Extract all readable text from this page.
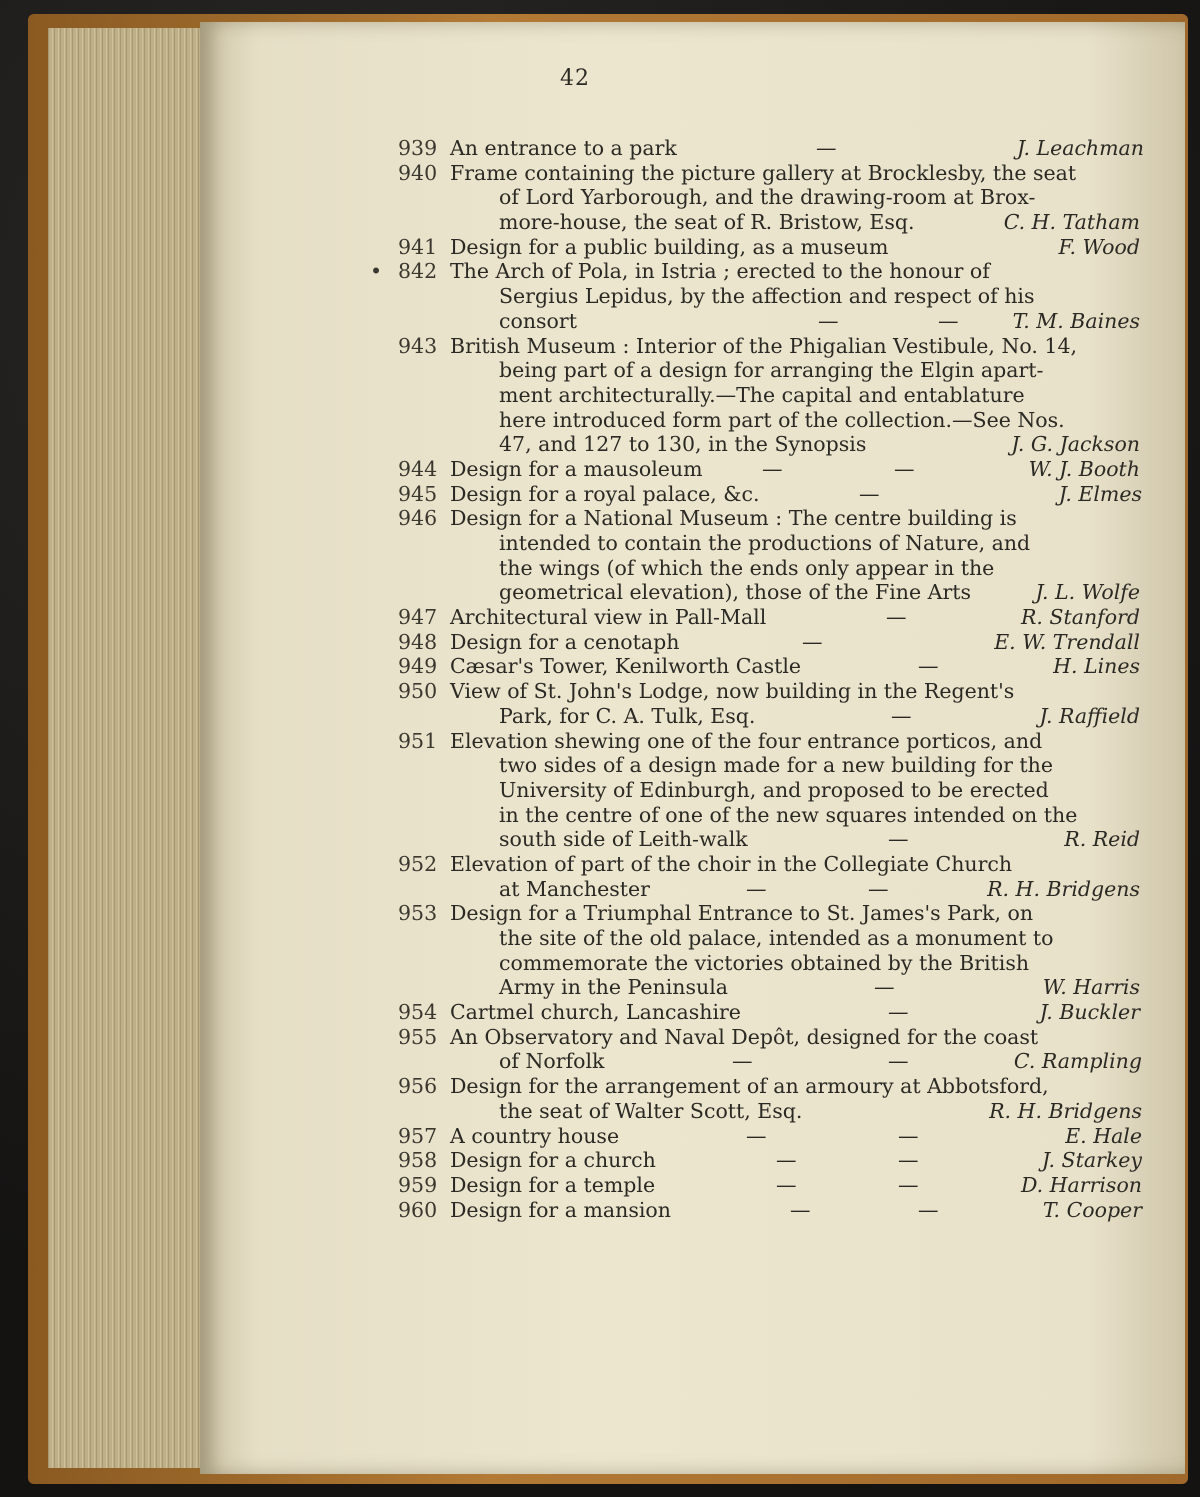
42
939 An entrance to a park	—	J. Leachman
940 Frame containing the picture gallery at Brocklesby, the seat
of Lord Yarborough, and the drawing-room at Brox-
more-house, the seat of R. Bristow, Esq.	C. H. Tatham
941 Design for a public building, as a museum	F. Wood
• 842 The Arch of Pola, in Istria ; erected to the honour of
Sergius Lepidus, by the affection and respect of his
consort	—	—	T. M. Baines
943 British Museum : Interior of the Phigalian Vestibule, No. 14,
being part of a design for arranging the Elgin apart-
ment architecturally.—The capital and entablature
here introduced form part of the collection.—See Nos.
47, and 127 to 130, in the Synopsis	J. G. Jackson
944 Design for a mausoleum	—	—	W. J. Booth
945 Design for a royal palace, &c.	—	J. Elmes
946 Design for a National Museum : The centre building is
intended to contain the productions of Nature, and
the wings (of which the ends only appear in the
geometrical elevation), those of the Fine Arts	J. L. Wolfe
947 Architectural view in Pall-Mall	—	R. Stanford
948 Design for a cenotaph	—	E. W. Trendall
949 Cæsar's Tower, Kenilworth Castle	—	H. Lines
950 View of St. John's Lodge, now building in the Regent's
Park, for C. A. Tulk, Esq.	—	J. Raffield
951 Elevation shewing one of the four entrance porticos, and
two sides of a design made for a new building for the
University of Edinburgh, and proposed to be erected
in the centre of one of the new squares intended on the
south side of Leith-walk	—	R. Reid
952 Elevation of part of the choir in the Collegiate Church
at Manchester	—	—	R. H. Bridgens
953 Design for a Triumphal Entrance to St. James's Park, on
the site of the old palace, intended as a monument to
commemorate the victories obtained by the British
Army in the Peninsula	—	W. Harris
954 Cartmel church, Lancashire	—	J. Buckler
955 An Observatory and Naval Depôt, designed for the coast
of Norfolk	—	—	C. Rampling
956 Design for the arrangement of an armoury at Abbotsford,
the seat of Walter Scott, Esq.	R. H. Bridgens
957 A country house	—	—	E. Hale
958 Design for a church	—	—	J. Starkey
959 Design for a temple	—	—	D. Harrison
960 Design for a mansion	—	—	T. Cooper
